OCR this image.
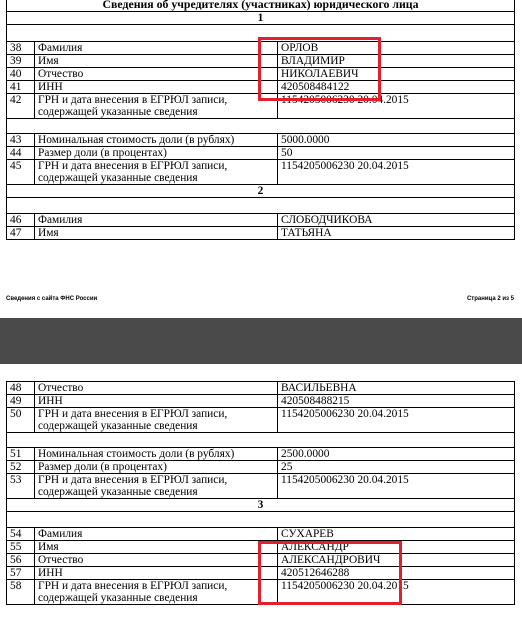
Сведения об учредителях (участниках) юридического лица		
1		

38	Фамилия	ОРЛОВ
39	Имя	ВЛАДИМИР
40	Отчество	НИКОЛАЕВИЧ
41	ИНН	420508484122
42	ГРН и дата внесения в ЕГРЮЛ записи, содержащей указанные сведения	1154205006230 20.04.2015

43	Номинальная стоимость доли (в рублях)	5000.0000
44	Размер доли (в процентах)	50
45	ГРН и дата внесения в ЕГРЮЛ записи, содержащей указанные сведения	1154205006230 20.04.2015
2		

46	Фамилия	СЛОБОДЧИКОВА
47	Имя	ТАТЬЯНА
Сведения с сайта ФНС России	Страница 2 из 5
48	Отчество	ВАСИЛЬЕВНА
49	ИНН	420508488215
50	ГРН и дата внесения в ЕГРЮЛ записи, содержащей указанные сведения	1154205006230 20.04.2015

51	Номинальная стоимость доли (в рублях)	2500.0000
52	Размер доли (в процентах)	25
53	ГРН и дата внесения в ЕГРЮЛ записи, содержащей указанные сведения	1154205006230 20.04.2015
3		

54	Фамилия	СУХАРЕВ
55	Имя	АЛЕКСАНДР
56	Отчество	АЛЕКСАНДРОВИЧ
57	ИНН	420512646288
58	ГРН и дата внесения в ЕГРЮЛ записи, содержащей указанные сведения	1154205006230 20.04.2015
